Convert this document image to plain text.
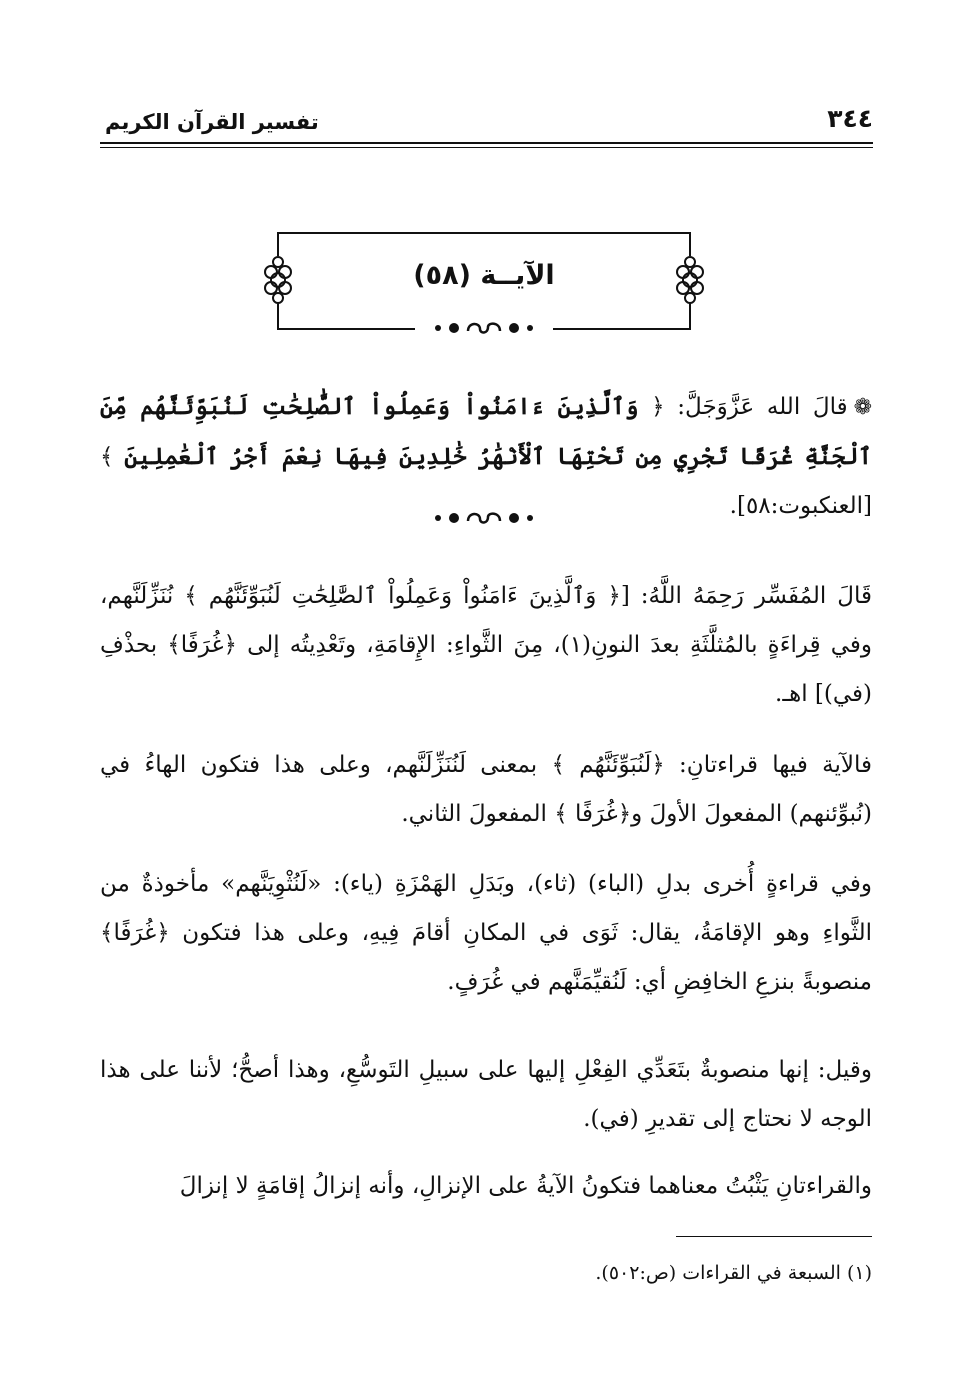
تفسير القرآن الكريم	٣٤٤
الآيــة (٥٨)
❁قالَ الله عَزَّوَجَلَّ: ﴿ وَٱلَّذِينَ ءَامَنُواْ وَعَمِلُواْ ٱلصَّٰلِحَٰتِ لَنُبَوِّئَنَّهُم مِّنَ ٱلْجَنَّةِ غُرَفًا تَجْرِي مِن تَحْتِهَا ٱلْأَنْهَٰرُ خَٰلِدِينَ فِيهَا نِعْمَ أَجْرُ ٱلْعَٰمِلِينَ ﴾ [العنكبوت:٥٨].
قَالَ المُفَسِّر رَحِمَهُ اللَّهُ: [﴿ وَٱلَّذِينَ ءَامَنُواْ وَعَمِلُواْ ٱلصَّٰلِحَٰتِ لَنُبَوِّئَنَّهُم ﴾ نُنَزِّلَنَّهم، وفي قِراءَةٍ بالمُثلَّثَةِ بعدَ النونِ(١)، مِنَ الثَّواءِ: الإِقامَةِ، وتَعْدِيتُه إلى ﴿غُرَفًا﴾ بحذْفِ (في)] اهـ.
فالآية فيها قراءتانِ: ﴿لَنُبَوِّئَنَّهُم ﴾ بمعنى لَنُنَزِّلَنَّهم، وعلى هذا فتكون الهاءُ في (نُبوِّئنهم) المفعولَ الأولَ و﴿غُرَفًا ﴾ المفعولَ الثاني.
وفي قراءةٍ أُخرى بدلِ (الباء) (ثاء)، وبَدَلِ الهَمْزَةِ (ياء): «لَنُثْوِيَنَّهم» مأخوذةٌ من الثَّواءِ وهو الإقامَةُ، يقال: ثَوَى في المكانِ أقامَ فِيهِ، وعلى هذا فتكون ﴿غُرَفًا﴾ منصوبةً بنزعِ الخافِضِ أي: لَنُقيِّمَنَّهم في غُرَفٍ.
وقيل: إنها منصوبةٌ بتَعَدِّي الفِعْلِ إليها على سبيلِ التَوسُّعِ، وهذا أصحُّ؛ لأننا على هذا الوجه لا نحتاج إلى تقديرِ (في).
والقراءتانِ يَثْبُتُ معناهما فتكونُ الآيةُ على الإنزالِ، وأنه إنزالُ إقامَةٍ لا إنزالَ
(١) السبعة في القراءات (ص:٥٠٢).
